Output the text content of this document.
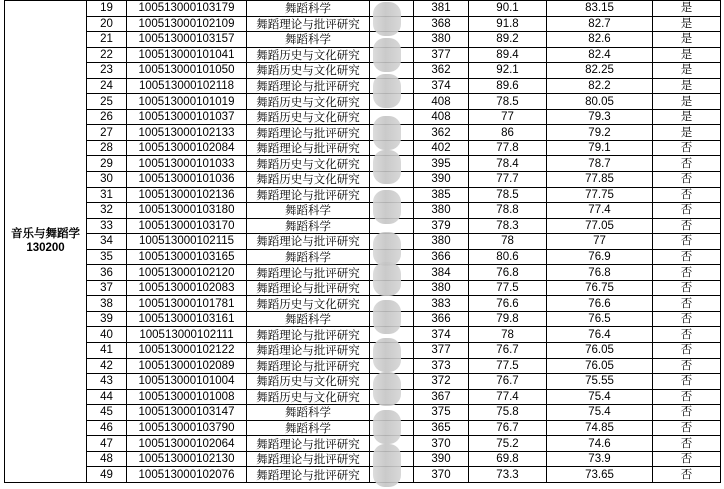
音乐与舞蹈学
130200	19	100513000103179	舞蹈科学		381	90.1	83.15	是
	20	100513000102109	舞蹈理论与批评研究		368	91.8	82.7	是
	21	100513000103157	舞蹈科学		380	89.2	82.6	是
	22	100513000101041	舞蹈历史与文化研究		377	89.4	82.4	是
	23	100513000101050	舞蹈历史与文化研究		362	92.1	82.25	是
	24	100513000102118	舞蹈理论与批评研究		374	89.6	82.2	是
	25	100513000101019	舞蹈历史与文化研究		408	78.5	80.05	是
	26	100513000101037	舞蹈历史与文化研究		408	77	79.3	是
	27	100513000102133	舞蹈理论与批评研究		362	86	79.2	是
	28	100513000102084	舞蹈理论与批评研究		402	77.8	79.1	否
	29	100513000101033	舞蹈历史与文化研究		395	78.4	78.7	否
	30	100513000101036	舞蹈历史与文化研究		390	77.7	77.85	否
	31	100513000102136	舞蹈理论与批评研究		385	78.5	77.75	否
	32	100513000103180	舞蹈科学		380	78.8	77.4	否
	33	100513000103170	舞蹈科学		379	78.3	77.05	否
	34	100513000102115	舞蹈理论与批评研究		380	78	77	否
	35	100513000103165	舞蹈科学		366	80.6	76.9	否
	36	100513000102120	舞蹈理论与批评研究		384	76.8	76.8	否
	37	100513000102083	舞蹈理论与批评研究		380	77.5	76.75	否
	38	100513000101781	舞蹈历史与文化研究		383	76.6	76.6	否
	39	100513000103161	舞蹈科学		366	79.8	76.5	否
	40	100513000102111	舞蹈理论与批评研究		374	78	76.4	否
	41	100513000102122	舞蹈理论与批评研究		377	76.7	76.05	否
	42	100513000102089	舞蹈理论与批评研究		373	77.5	76.05	否
	43	100513000101004	舞蹈历史与文化研究		372	76.7	75.55	否
	44	100513000101008	舞蹈历史与文化研究		367	77.4	75.4	否
	45	100513000103147	舞蹈科学		375	75.8	75.4	否
	46	100513000103790	舞蹈科学		365	76.7	74.85	否
	47	100513000102064	舞蹈理论与批评研究		370	75.2	74.6	否
	48	100513000102130	舞蹈理论与批评研究		390	69.8	73.9	否
	49	100513000102076	舞蹈理论与批评研究		370	73.3	73.65	否
